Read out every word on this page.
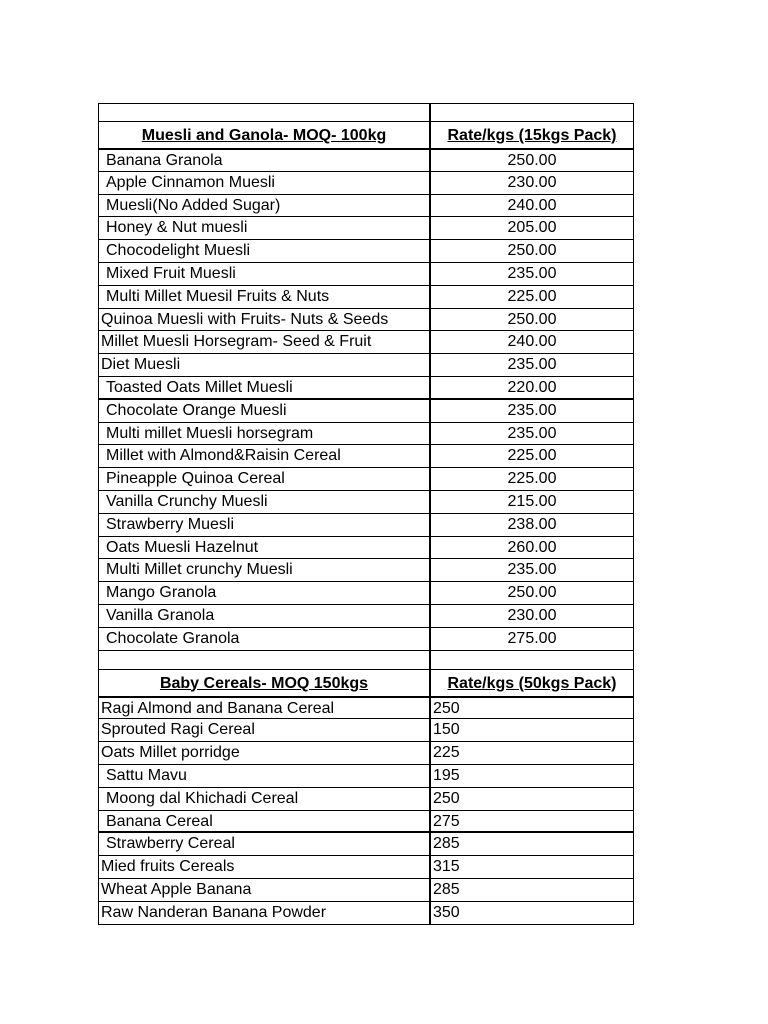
Muesli and Ganola- MOQ- 100kg	Rate/kgs (15kgs Pack)
Banana Granola	250.00
Apple Cinnamon Muesli	230.00
Muesli(No Added Sugar)	240.00
Honey & Nut muesli	205.00
Chocodelight Muesli	250.00
Mixed Fruit Muesli	235.00
Multi Millet Muesil Fruits & Nuts	225.00
Quinoa Muesli with Fruits- Nuts & Seeds	250.00
Millet Muesli Horsegram- Seed & Fruit	240.00
Diet Muesli	235.00
Toasted Oats Millet Muesli	220.00
Chocolate Orange Muesli	235.00
Multi millet Muesli horsegram	235.00
Millet with Almond&Raisin Cereal	225.00
Pineapple Quinoa Cereal	225.00
Vanilla Crunchy Muesli	215.00
Strawberry Muesli	238.00
Oats Muesli Hazelnut	260.00
Multi Millet crunchy Muesli	235.00
Mango Granola	250.00
Vanilla Granola	230.00
Chocolate Granola	275.00
Baby Cereals- MOQ 150kgs	Rate/kgs (50kgs Pack)
Ragi Almond and Banana Cereal	250
Sprouted Ragi Cereal	150
Oats Millet porridge	225
Sattu Mavu	195
Moong dal Khichadi Cereal	250
Banana Cereal	275
Strawberry Cereal	285
Mied fruits Cereals	315
Wheat Apple Banana	285
Raw Nanderan Banana Powder	350
